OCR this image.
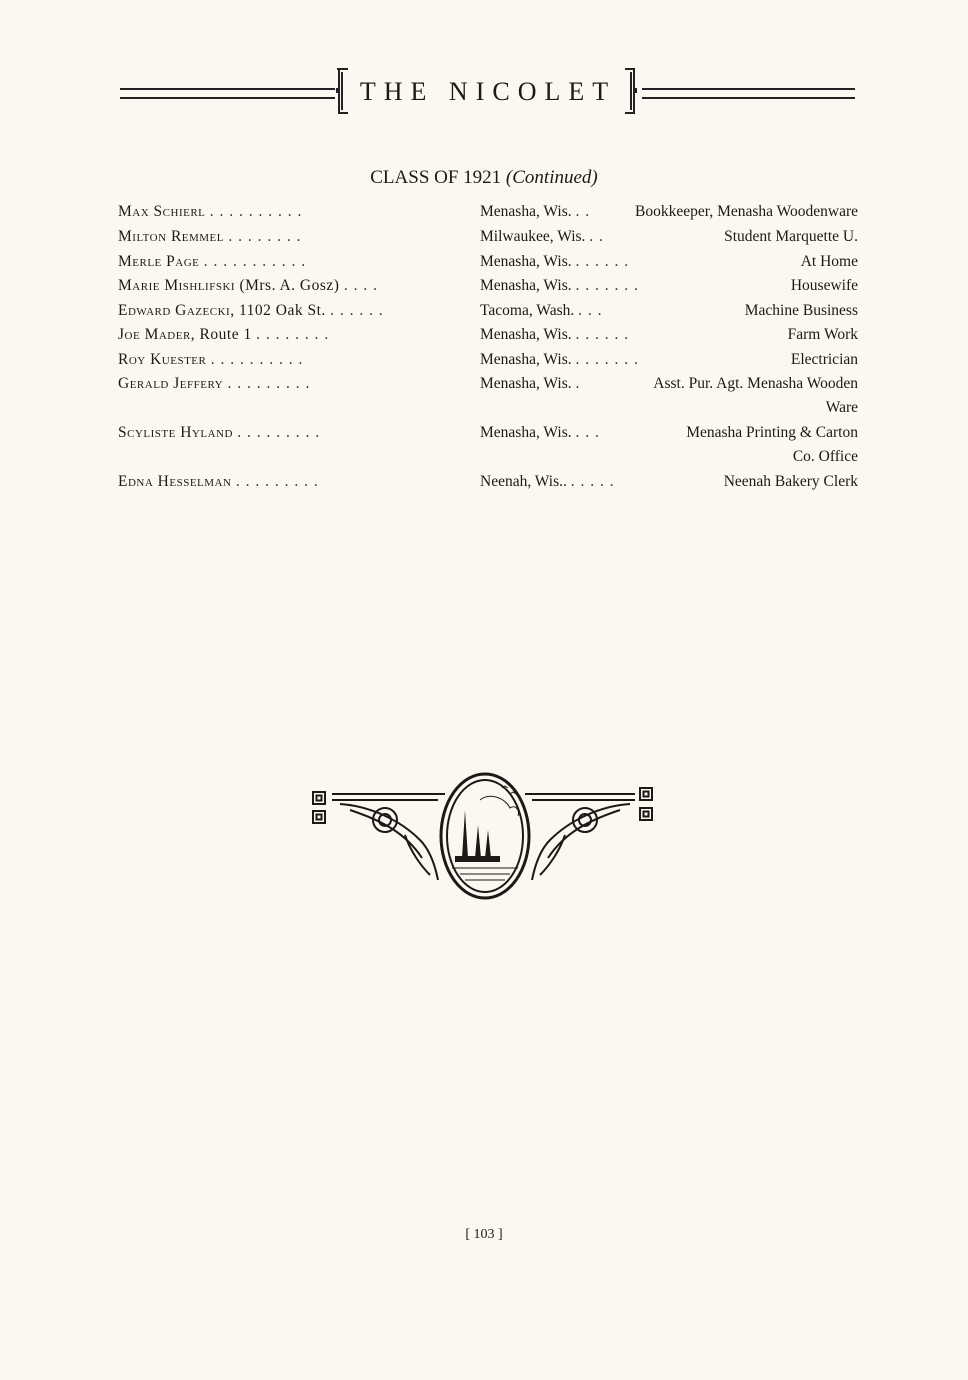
THE NICOLET
CLASS OF 1921 (Continued)
Max Schierl . . . . . . . . . .	Menasha, Wis. . .	Bookkeeper, Menasha Woodenware
Milton Remmel . . . . . . . .	Milwaukee, Wis. . .	Student Marquette U.
Merle Page . . . . . . . . . . .	Menasha, Wis. . . . . . .	At Home
Marie Mishlifski (Mrs. A. Gosz) . . . .	Menasha, Wis. . . . . . . .	Housewife
Edward Gazecki, 1102 Oak St. . . . . . .	Tacoma, Wash. . . .	Machine Business
Joe Mader, Route 1 . . . . . . . .	Menasha, Wis. . . . . . .	Farm Work
Roy Kuester . . . . . . . . . .	Menasha, Wis. . . . . . . .	Electrician
Gerald Jeffery . . . . . . . . .	Menasha, Wis. .	Asst. Pur. Agt. Menasha Wooden
Ware
Scyliste Hyland . . . . . . . . .	Menasha, Wis. . . .	Menasha Printing & Carton
Co. Office
Edna Hesselman . . . . . . . . .	Neenah, Wis.. . . . . .	Neenah Bakery Clerk
[ 103 ]
